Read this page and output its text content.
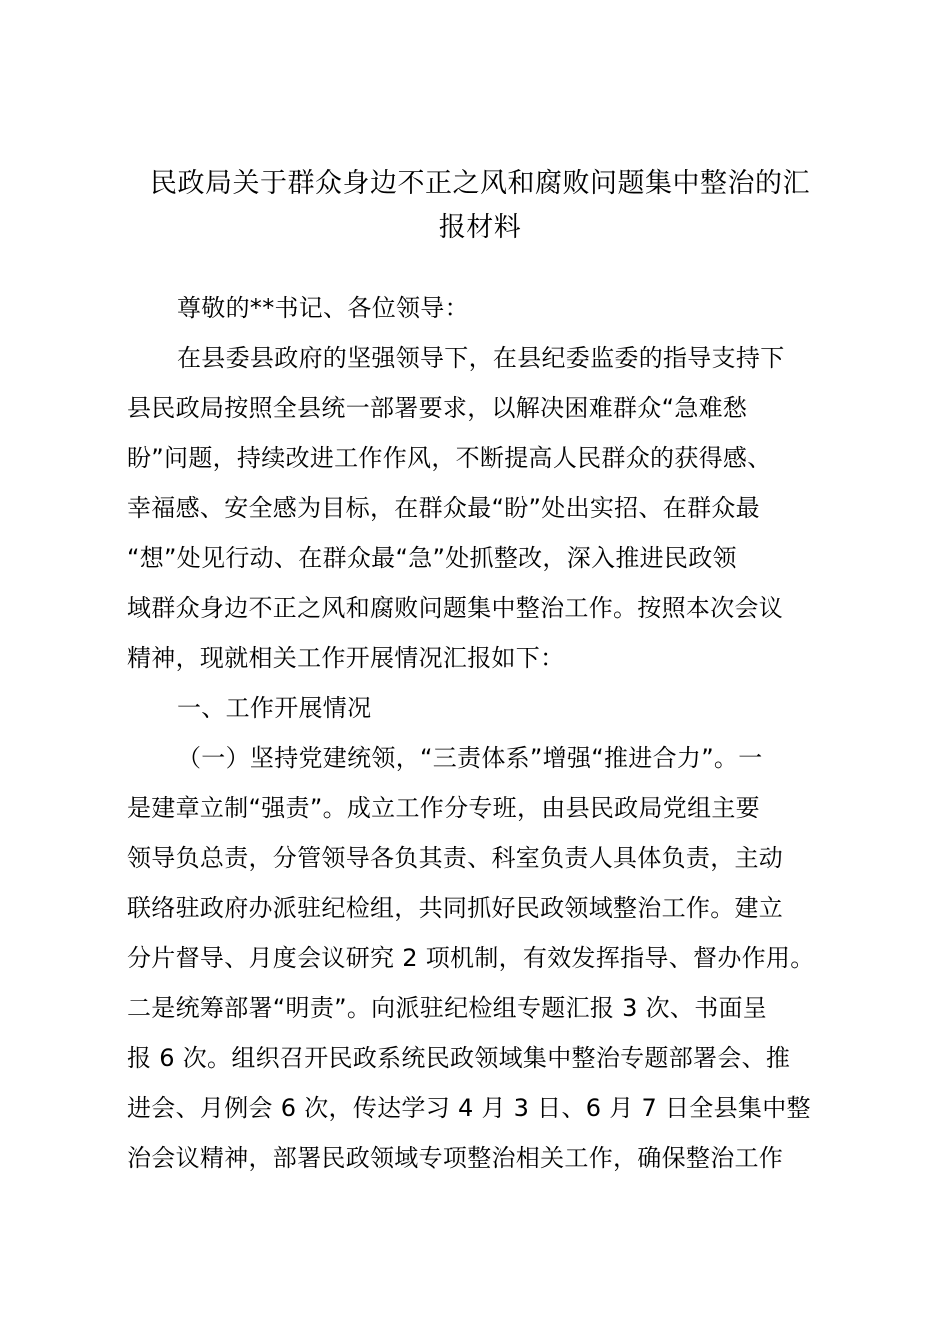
民政局关于群众身边不正之风和腐败问题集中整治的汇
报材料
尊敬的**书记、各位领导：
在县委县政府的坚强领导下，在县纪委监委的指导支持下
县民政局按照全县统一部署要求，以解决困难群众“急难愁
盼”问题，持续改进工作作风，不断提高人民群众的获得感、
幸福感、安全感为目标，在群众最“盼”处出实招、在群众最
“想”处见行动、在群众最“急”处抓整改，深入推进民政领
域群众身边不正之风和腐败问题集中整治工作。按照本次会议
精神，现就相关工作开展情况汇报如下：
一、工作开展情况
（一）坚持党建统领，“三责体系”增强“推进合力”。一
是建章立制“强责”。成立工作分专班，由县民政局党组主要
领导负总责，分管领导各负其责、科室负责人具体负责，主动
联络驻政府办派驻纪检组，共同抓好民政领域整治工作。建立
分片督导、月度会议研究 2 项机制，有效发挥指导、督办作用。
二是统筹部署“明责”。向派驻纪检组专题汇报 3 次、书面呈
报 6 次。组织召开民政系统民政领域集中整治专题部署会、推
进会、月例会 6 次，传达学习 4 月 3 日、6 月 7 日全县集中整
治会议精神，部署民政领域专项整治相关工作，确保整治工作
